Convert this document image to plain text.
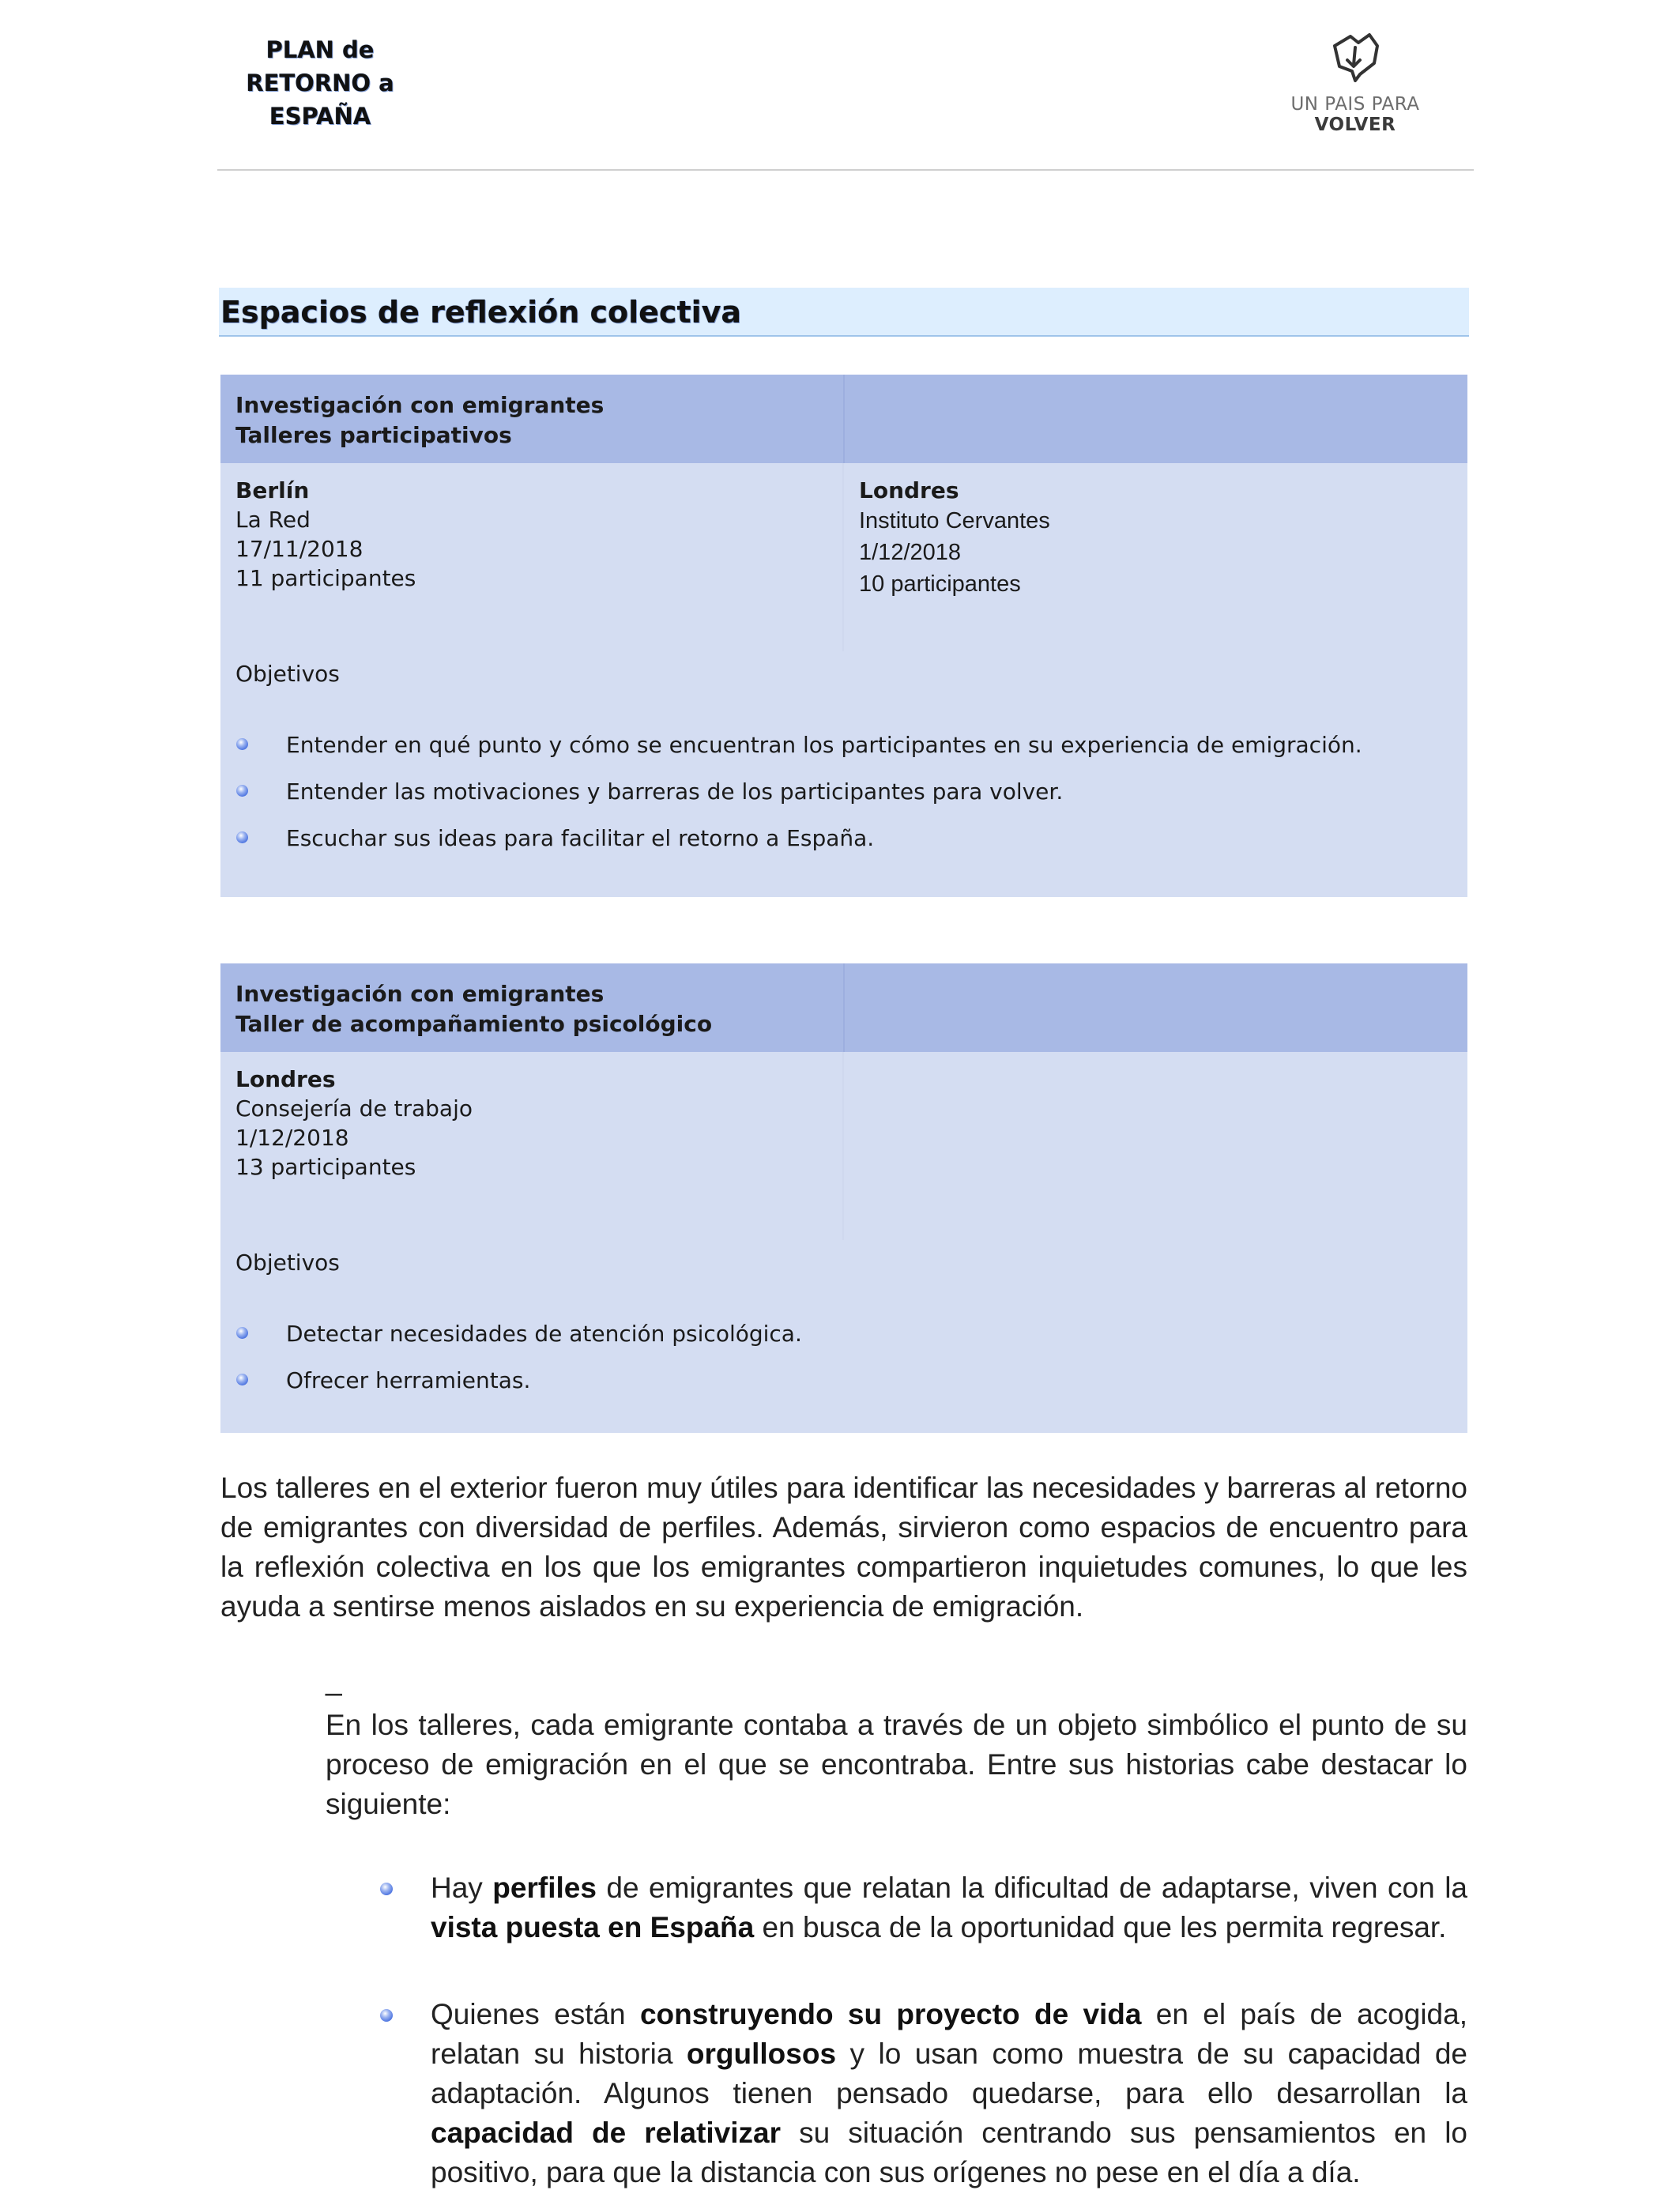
PLAN de
RETORNO a
ESPAÑA	UN PAIS PARA VOLVER
Espacios de reflexión colectiva
Investigación con emigrantes
Talleres participativos
Berlín
La Red
17/11/2018
11 participantes
Londres
Instituto Cervantes
1/12/2018
10 participantes
Objetivos
Entender en qué punto y cómo se encuentran los participantes en su experiencia de emigración.
Entender las motivaciones y barreras de los participantes para volver.
Escuchar sus ideas para facilitar el retorno a España.
Investigación con emigrantes
Taller de acompañamiento psicológico
Londres
Consejería de trabajo
1/12/2018
13 participantes
Objetivos
Detectar necesidades de atención psicológica.
Ofrecer herramientas.
Los talleres en el exterior fueron muy útiles para identificar las necesidades y barreras al retorno de emigrantes con diversidad de perfiles. Además, sirvieron como espacios de encuentro para la reflexión colectiva en los que los emigrantes compartieron inquietudes comunes, lo que les ayuda a sentirse menos aislados en su experiencia de emigración.
_
En los talleres, cada emigrante contaba a través de un objeto simbólico el punto de su proceso de emigración en el que se encontraba. Entre sus historias cabe destacar lo siguiente:
Hay perfiles de emigrantes que relatan la dificultad de adaptarse, viven con la vista puesta en España en busca de la oportunidad que les permita regresar.
Quienes están construyendo su proyecto de vida en el país de acogida, relatan su historia orgullosos y lo usan como muestra de su capacidad de adaptación. Algunos tienen pensado quedarse, para ello desarrollan la capacidad de relativizar su situación centrando sus pensamientos en lo positivo, para que la distancia con sus orígenes no pese en el día a día.
